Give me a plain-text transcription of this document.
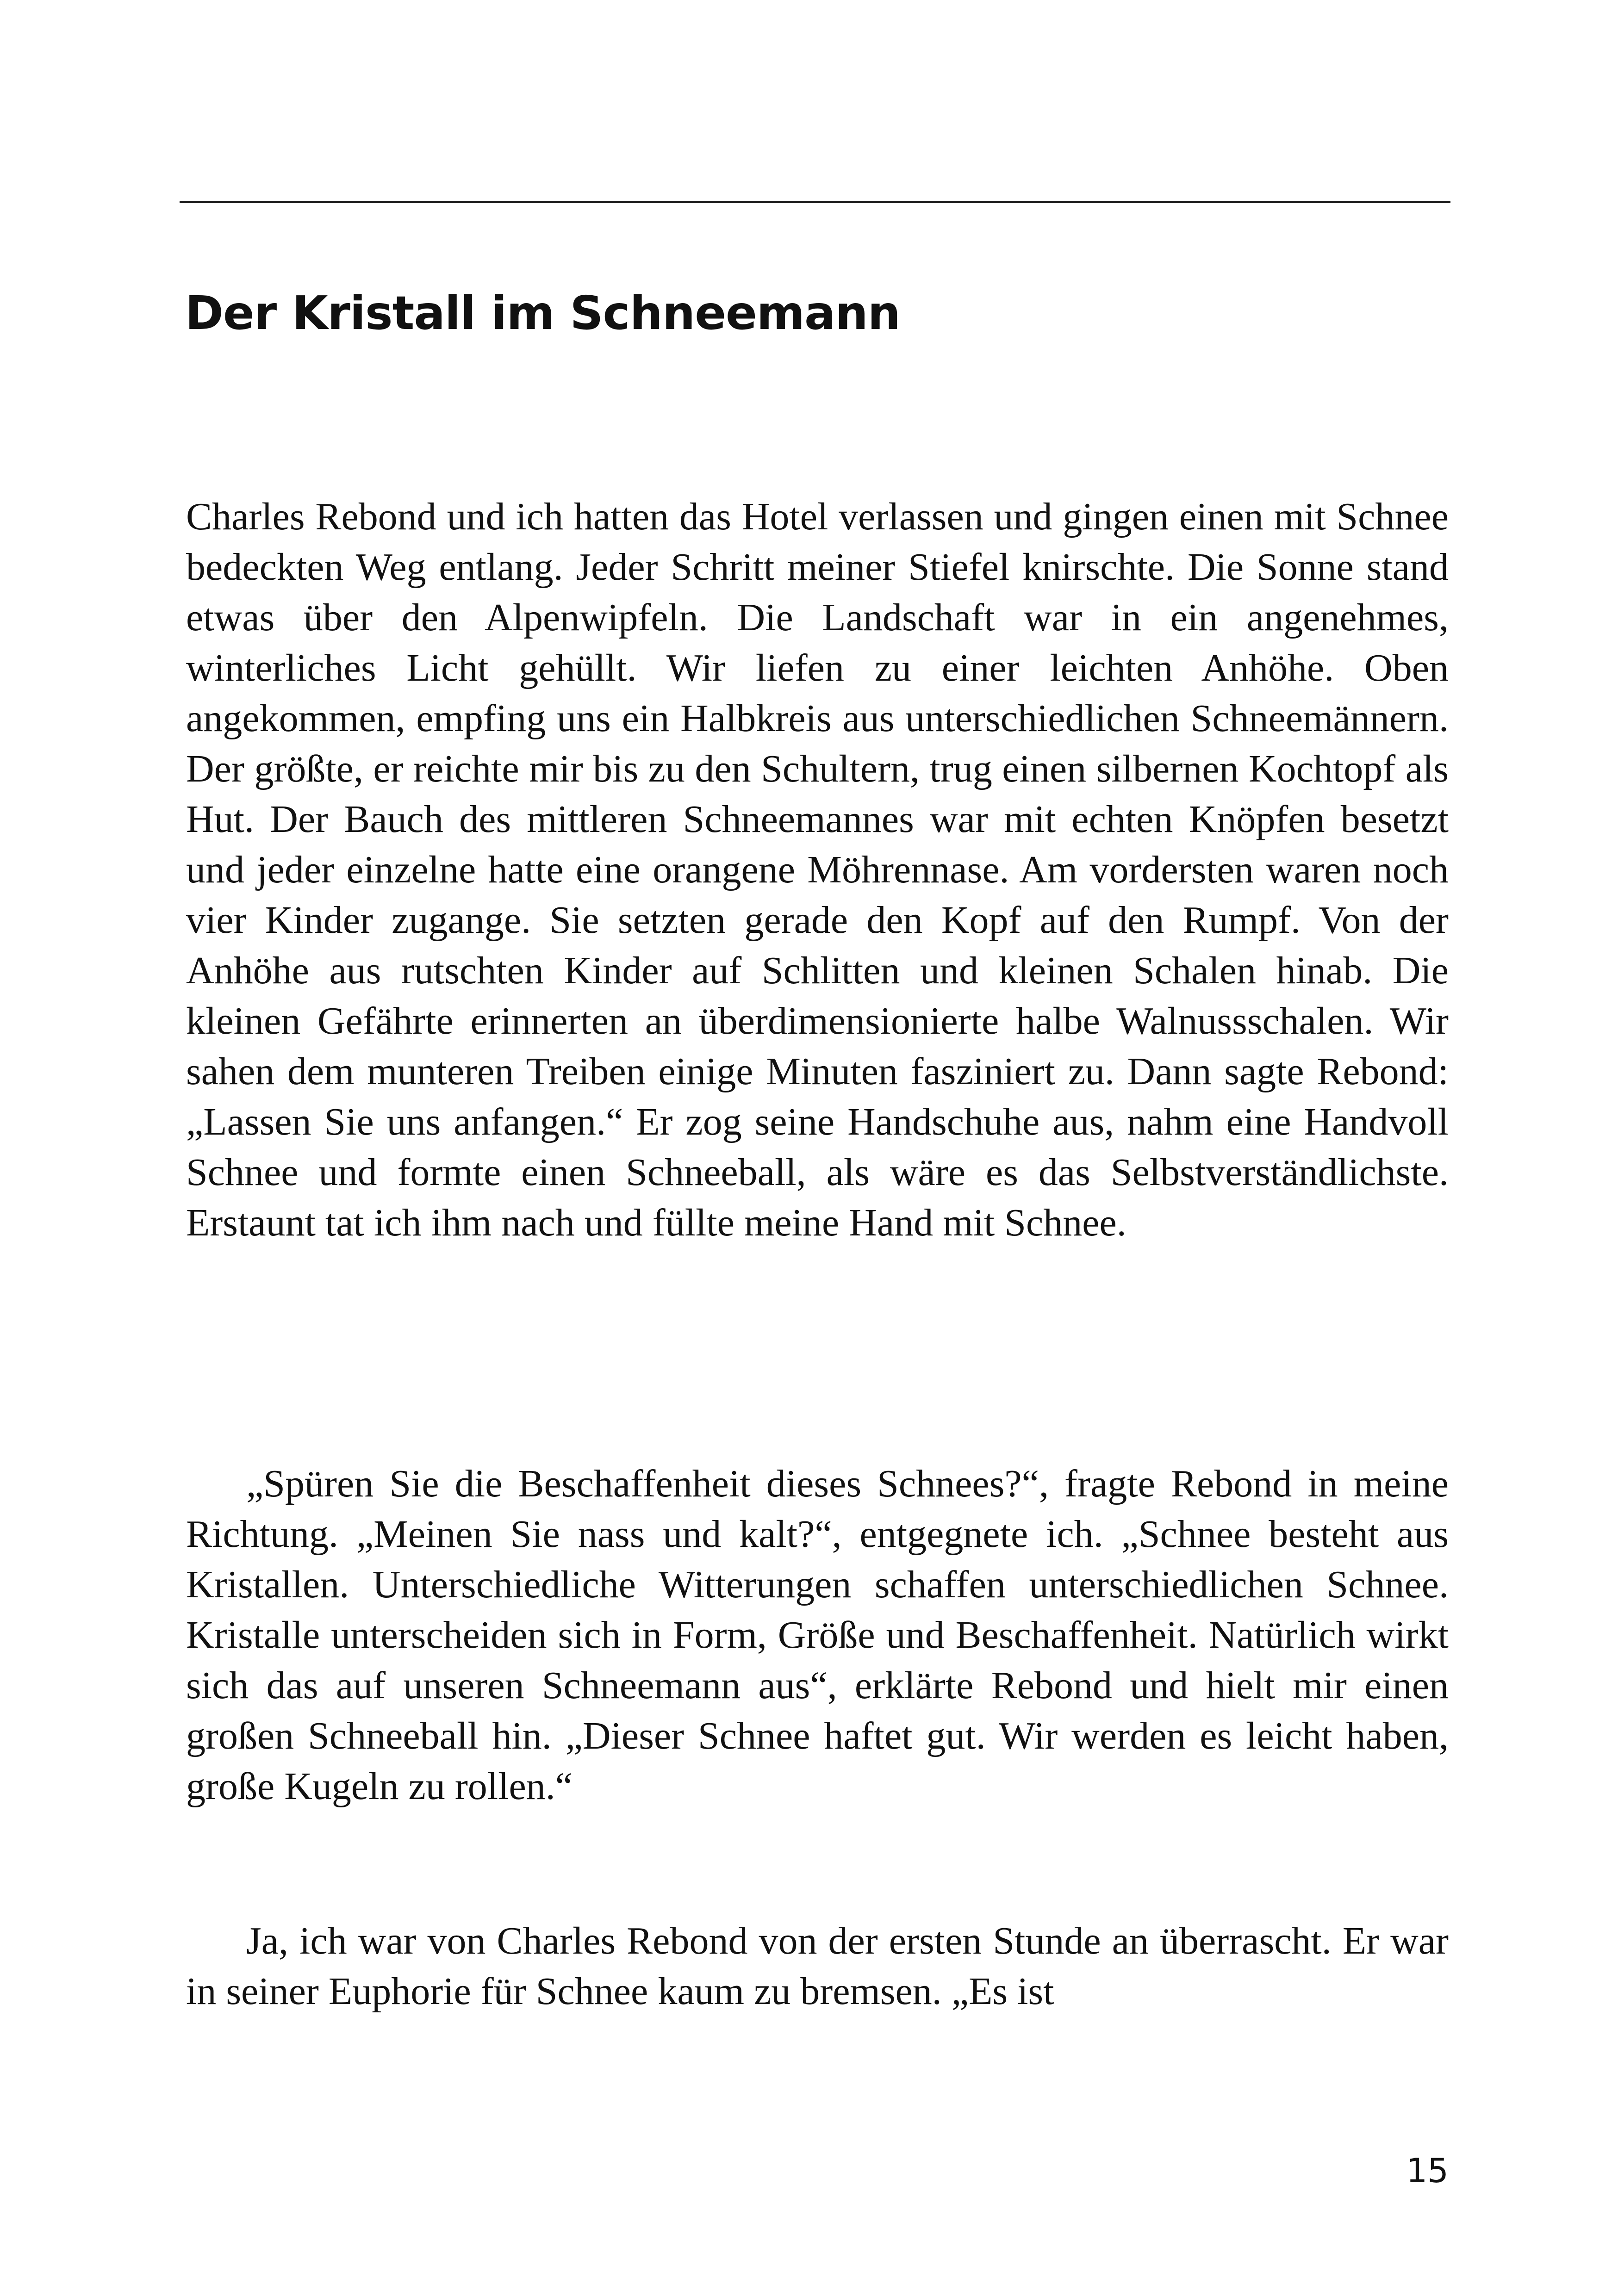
Der Kristall im Schneemann

Charles Rebond und ich hatten das Hotel verlassen und gingen einen mit Schnee bedeckten Weg entlang. Jeder Schritt meiner Stiefel knirschte. Die Sonne stand etwas über den Alpenwipfeln. Die Landschaft war in ein angenehmes, winterliches Licht gehüllt. Wir liefen zu einer leichten Anhöhe. Oben angekommen, empfing uns ein Halbkreis aus unterschiedlichen Schneemännern. Der größte, er reichte mir bis zu den Schultern, trug einen silbernen Kochtopf als Hut. Der Bauch des mittleren Schneemannes war mit echten Knöpfen besetzt und jeder einzelne hatte eine orangene Möhrennase. Am vordersten waren noch vier Kinder zugange. Sie setzten gerade den Kopf auf den Rumpf. Von der Anhöhe aus rutschten Kinder auf Schlitten und kleinen Schalen hinab. Die kleinen Gefährte erinnerten an überdimensionierte halbe Walnussschalen. Wir sahen dem munteren Treiben einige Minuten fasziniert zu. Dann sagte Rebond: „Lassen Sie uns anfangen.“ Er zog seine Handschuhe aus, nahm eine Handvoll Schnee und formte einen Schneeball, als wäre es das Selbstverständlichste. Erstaunt tat ich ihm nach und füllte meine Hand mit Schnee.

„Spüren Sie die Beschaffenheit dieses Schnees?“, fragte Rebond in meine Richtung. „Meinen Sie nass und kalt?“, entgegnete ich. „Schnee besteht aus Kristallen. Unterschiedliche Witterungen schaffen unterschiedlichen Schnee. Kristalle unterscheiden sich in Form, Größe und Beschaffenheit. Natürlich wirkt sich das auf unseren Schneemann aus“, erklärte Rebond und hielt mir einen großen Schneeball hin. „Dieser Schnee haftet gut. Wir werden es leicht haben, große Kugeln zu rollen.“

Ja, ich war von Charles Rebond von der ersten Stunde an überrascht. Er war in seiner Euphorie für Schnee kaum zu bremsen. „Es ist

15
